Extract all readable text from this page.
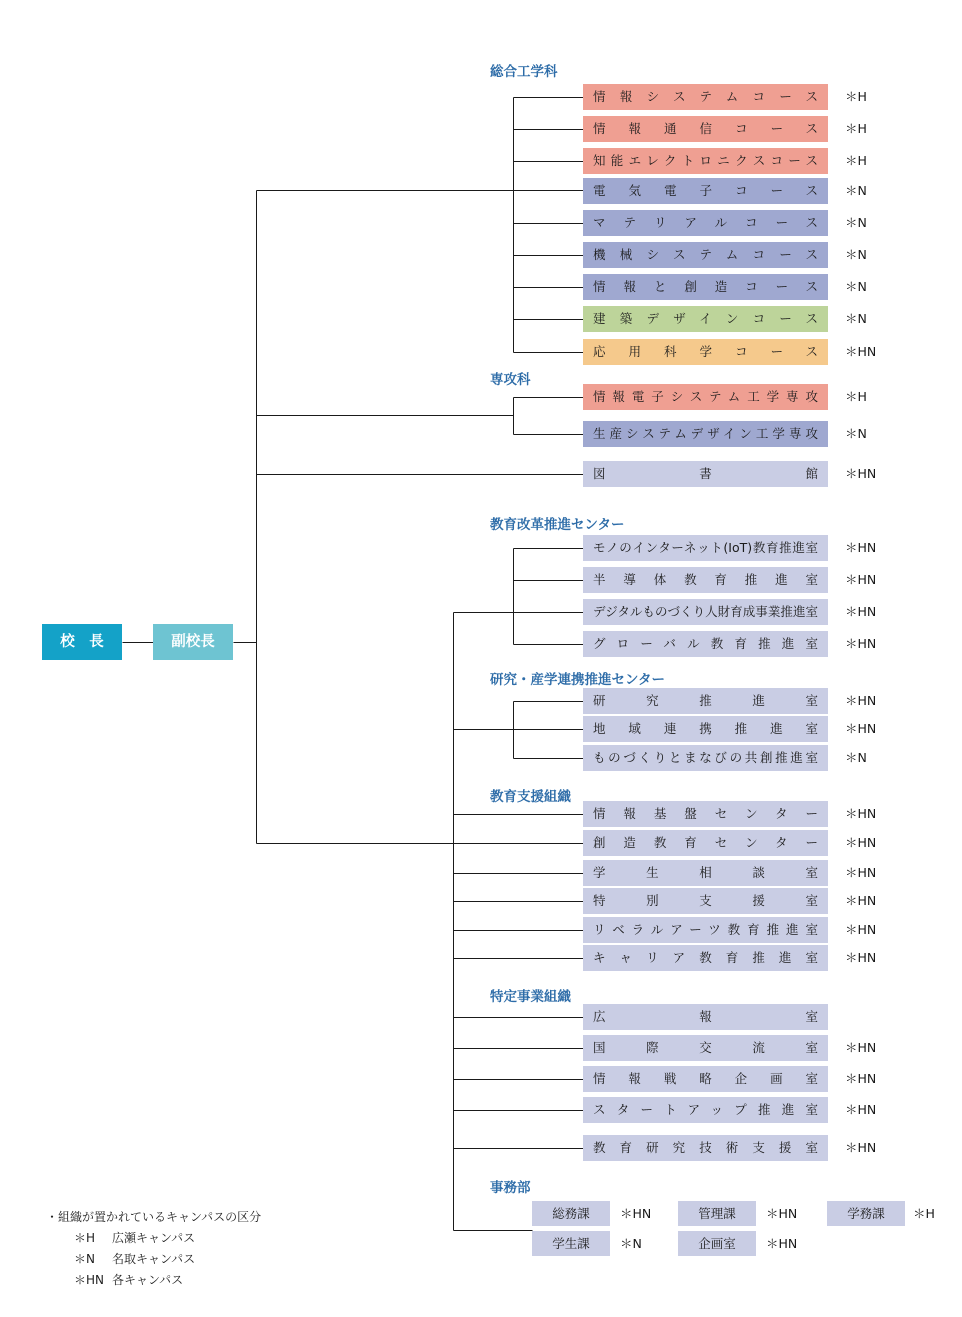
校　長	副校長
総合工学科
情報システムコース	＊H
情報通信コース	＊H
知能エレクトロニクスコース	＊H
電気電子コース	＊N
マテリアルコース	＊N
機械システムコース	＊N
情報と創造コース	＊N
建築デザインコース	＊N
応用科学コース	＊HN
専攻科
情報電子システム工学専攻	＊H
生産システムデザイン工学専攻	＊N
図書館	＊HN
教育改革推進センター
モノのインターネット(IoT)教育推進室	＊HN
半導体教育推進室	＊HN
デジタルものづくり人財育成事業推進室	＊HN
グローバル教育推進室	＊HN
研究・産学連携推進センター
研究推進室	＊HN
地域連携推進室	＊HN
ものづくりとまなびの共創推進室	＊N
教育支援組織
情報基盤センター	＊HN
創造教育センター	＊HN
学生相談室	＊HN
特別支援室	＊HN
リベラルアーツ教育推進室	＊HN
キャリア教育推進室	＊HN
特定事業組織
広報室
国際交流室	＊HN
情報戦略企画室	＊HN
スタートアップ推進室	＊HN
教育研究技術支援室	＊HN
事務部
総務課	＊HN	管理課	＊HN	学務課	＊H
学生課	＊N	企画室	＊HN
・組織が置かれているキャンパスの区分
＊H	広瀬キャンパス
＊N	名取キャンパス
＊HN 各キャンパス
